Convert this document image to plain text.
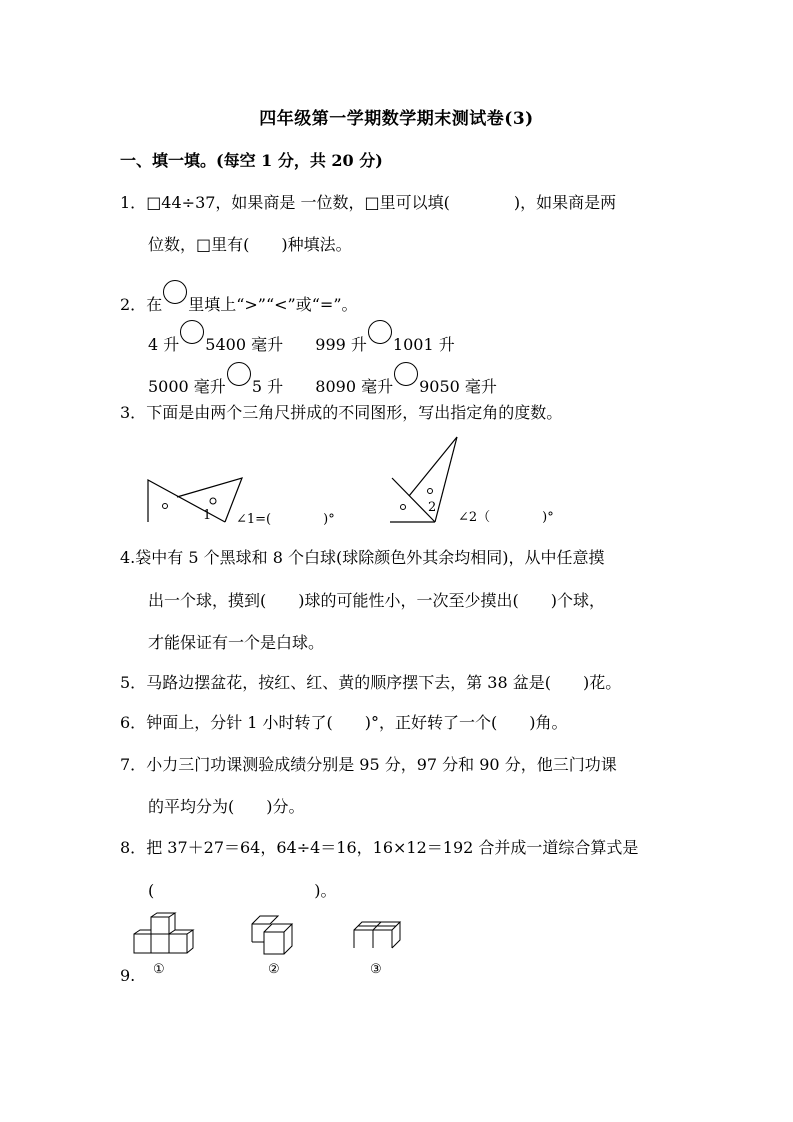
四年级第一学期数学期末测试卷(3)
一、填一填。(每空 1 分，共 20 分)
1．□44÷37，如果商是 一位数，□里可以填(　　　　)，如果商是两
位数，□里有(　　)种填法。
2．在 里填上“>”“<”或“=”。
4 升 5400 毫升 999 升 1001 升
5000 毫升 5 升 8090 毫升 9050 毫升
3．下面是由两个三角尺拼成的不同图形，写出指定角的度数。
1 ∠1=(　　　　)°
2
∠2（　　　　)°
4.袋中有 5 个黑球和 8 个白球(球除颜色外其余均相同)，从中任意摸
出一个球，摸到(　　)球的可能性小，一次至少摸出(　　)个球，
才能保证有一个是白球。
5．马路边摆盆花，按红、红、黄的顺序摆下去，第 38 盆是(　　)花。
6．钟面上，分针 1 小时转了(　　)°，正好转了一个(　　)角。
7．小力三门功课测验成绩分别是 95 分，97 分和 90 分，他三门功课
的平均分为(　　)分。
8．把 37＋27＝64，64÷4＝16，16×12＝192 合并成一道综合算式是
(　　　　　　　　　　)。
①	②	③
9.
